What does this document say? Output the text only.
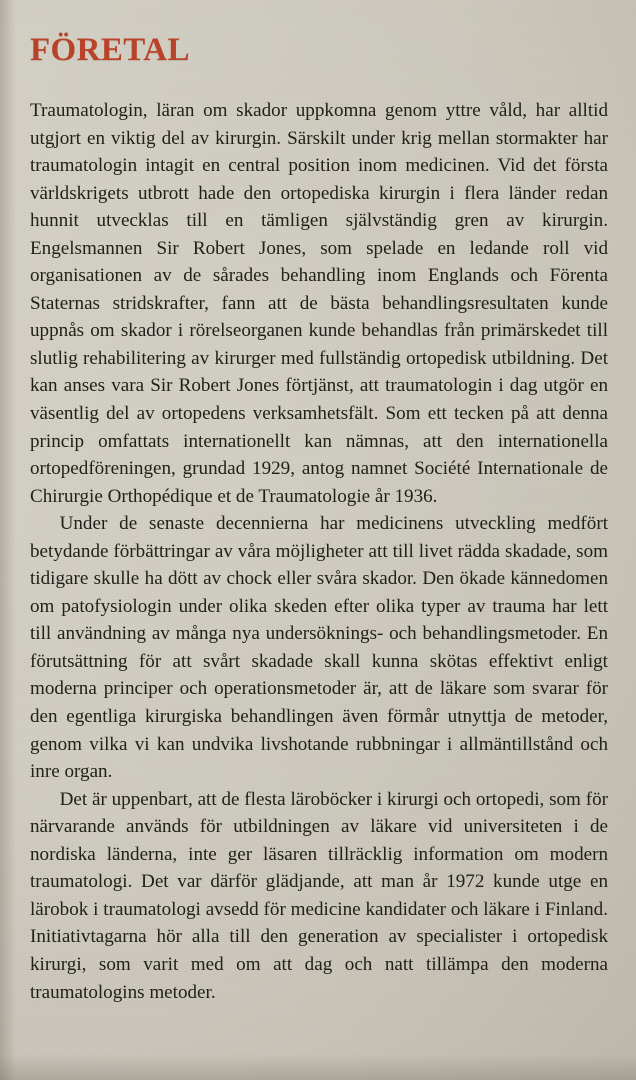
FÖRETAL

Traumatologin, läran om skador uppkomna genom yttre våld, har alltid utgjort en viktig del av kirurgin. Särskilt under krig mellan stormakter har traumatologin intagit en central position inom medicinen. Vid det första världskrigets utbrott hade den ortopediska kirurgin i flera länder redan hunnit utvecklas till en tämligen självständig gren av kirurgin. Engelsmannen Sir Robert Jones, som spelade en ledande roll vid organisationen av de sårades behandling inom Englands och Förenta Staternas stridskrafter, fann att de bästa behandlingsresultaten kunde uppnås om skador i rörelseorganen kunde behandlas från primärskedet till slutlig rehabilitering av kirurger med fullständig ortopedisk utbildning. Det kan anses vara Sir Robert Jones förtjänst, att traumatologin i dag utgör en väsentlig del av ortopedens verksamhetsfält. Som ett tecken på att denna princip omfattats internationellt kan nämnas, att den internationella ortopedföreningen, grundad 1929, antog namnet Société Internationale de Chirurgie Orthopédique et de Traumatologie år 1936.

Under de senaste decennierna har medicinens utveckling medfört betydande förbättringar av våra möjligheter att till livet rädda skadade, som tidigare skulle ha dött av chock eller svåra skador. Den ökade kännedomen om patofysiologin under olika skeden efter olika typer av trauma har lett till användning av många nya undersöknings- och behandlingsmetoder. En förutsättning för att svårt skadade skall kunna skötas effektivt enligt moderna principer och operationsmetoder är, att de läkare som svarar för den egentliga kirurgiska behandlingen även förmår utnyttja de metoder, genom vilka vi kan undvika livshotande rubbningar i allmäntillstånd och inre organ.

Det är uppenbart, att de flesta läroböcker i kirurgi och ortopedi, som för närvarande används för utbildningen av läkare vid universiteten i de nordiska länderna, inte ger läsaren tillräcklig information om modern traumatologi. Det var därför glädjande, att man år 1972 kunde utge en lärobok i traumatologi avsedd för medicine kandidater och läkare i Finland. Initiativtagarna hör alla till den generation av specialister i ortopedisk kirurgi, som varit med om att dag och natt tillämpa den moderna traumatologins metoder.
